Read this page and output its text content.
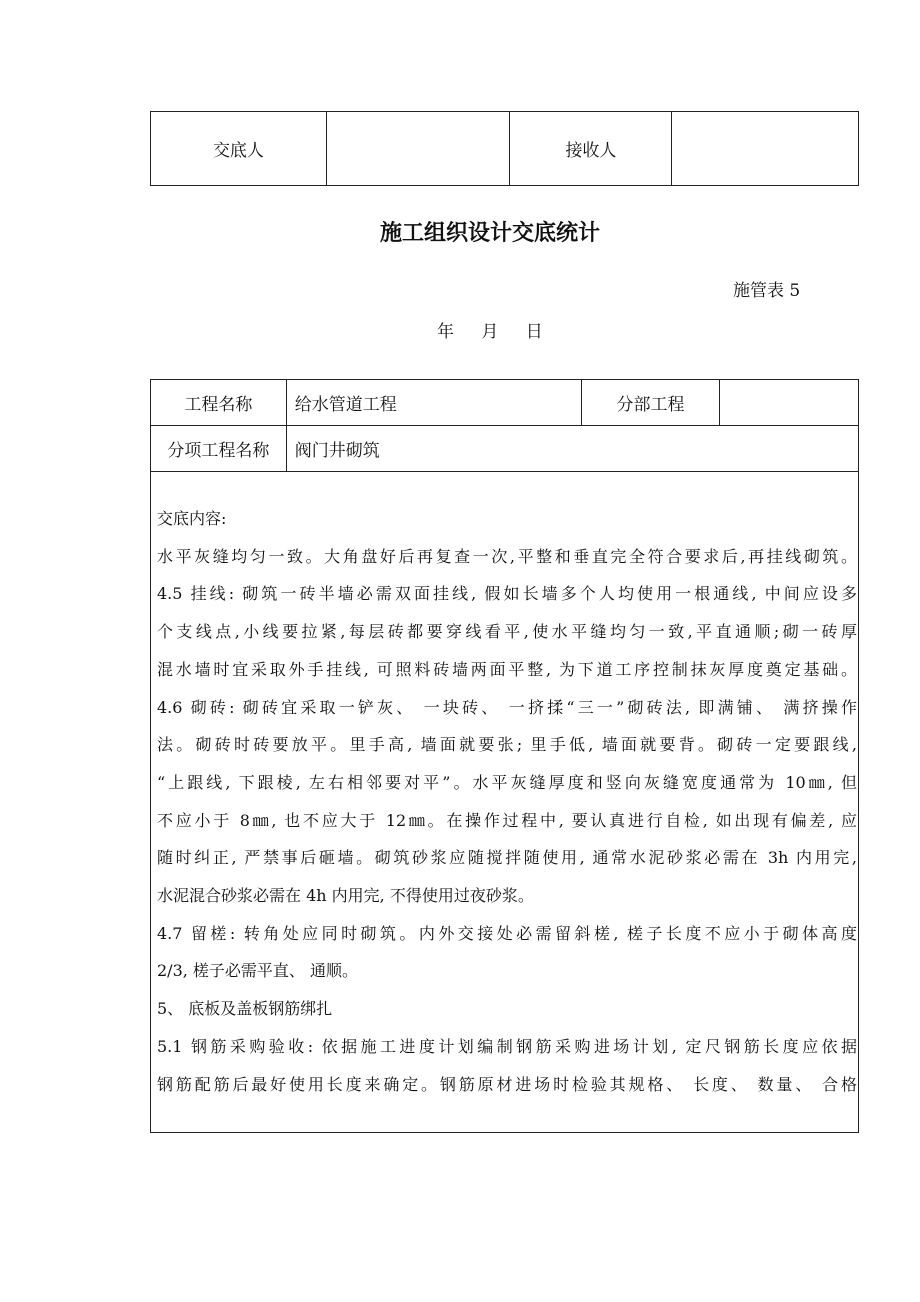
交底人		接收人	
施工组织设计交底统计
施管表 5
年 月 日
工程名称	给水管道工程	分部工程	
分项工程名称	阀门井砌筑		

交底内容:

水平灰缝均匀一致。大角盘好后再复查一次,平整和垂直完全符合要求后,再挂线砌筑。

4.5 挂线: 砌筑一砖半墙必需双面挂线, 假如长墙多个人均使用一根通线, 中间应设多

个支线点,小线要拉紧,每层砖都要穿线看平,使水平缝均匀一致,平直通顺;砌一砖厚

混水墙时宜采取外手挂线, 可照料砖墙两面平整, 为下道工序控制抹灰厚度奠定基础。

4.6 砌砖: 砌砖宜采取一铲灰、 一块砖、 一挤揉“三一”砌砖法, 即满铺、 满挤操作

法。砌砖时砖要放平。里手高, 墙面就要张; 里手低, 墙面就要背。砌砖一定要跟线,

“上跟线, 下跟棱, 左右相邻要对平”。水平灰缝厚度和竖向灰缝宽度通常为 10㎜, 但

不应小于 8㎜, 也不应大于 12㎜。在操作过程中, 要认真进行自检, 如出现有偏差, 应

随时纠正, 严禁事后砸墙。砌筑砂浆应随搅拌随使用, 通常水泥砂浆必需在 3h 内用完,

水泥混合砂浆必需在 4h 内用完, 不得使用过夜砂浆。

4.7 留槎: 转角处应同时砌筑。内外交接处必需留斜槎, 槎子长度不应小于砌体高度

2/3, 槎子必需平直、 通顺。

5、 底板及盖板钢筋绑扎

5.1 钢筋采购验收: 依据施工进度计划编制钢筋采购进场计划, 定尺钢筋长度应依据

钢筋配筋后最好使用长度来确定。钢筋原材进场时检验其规格、 长度、 数量、 合格
